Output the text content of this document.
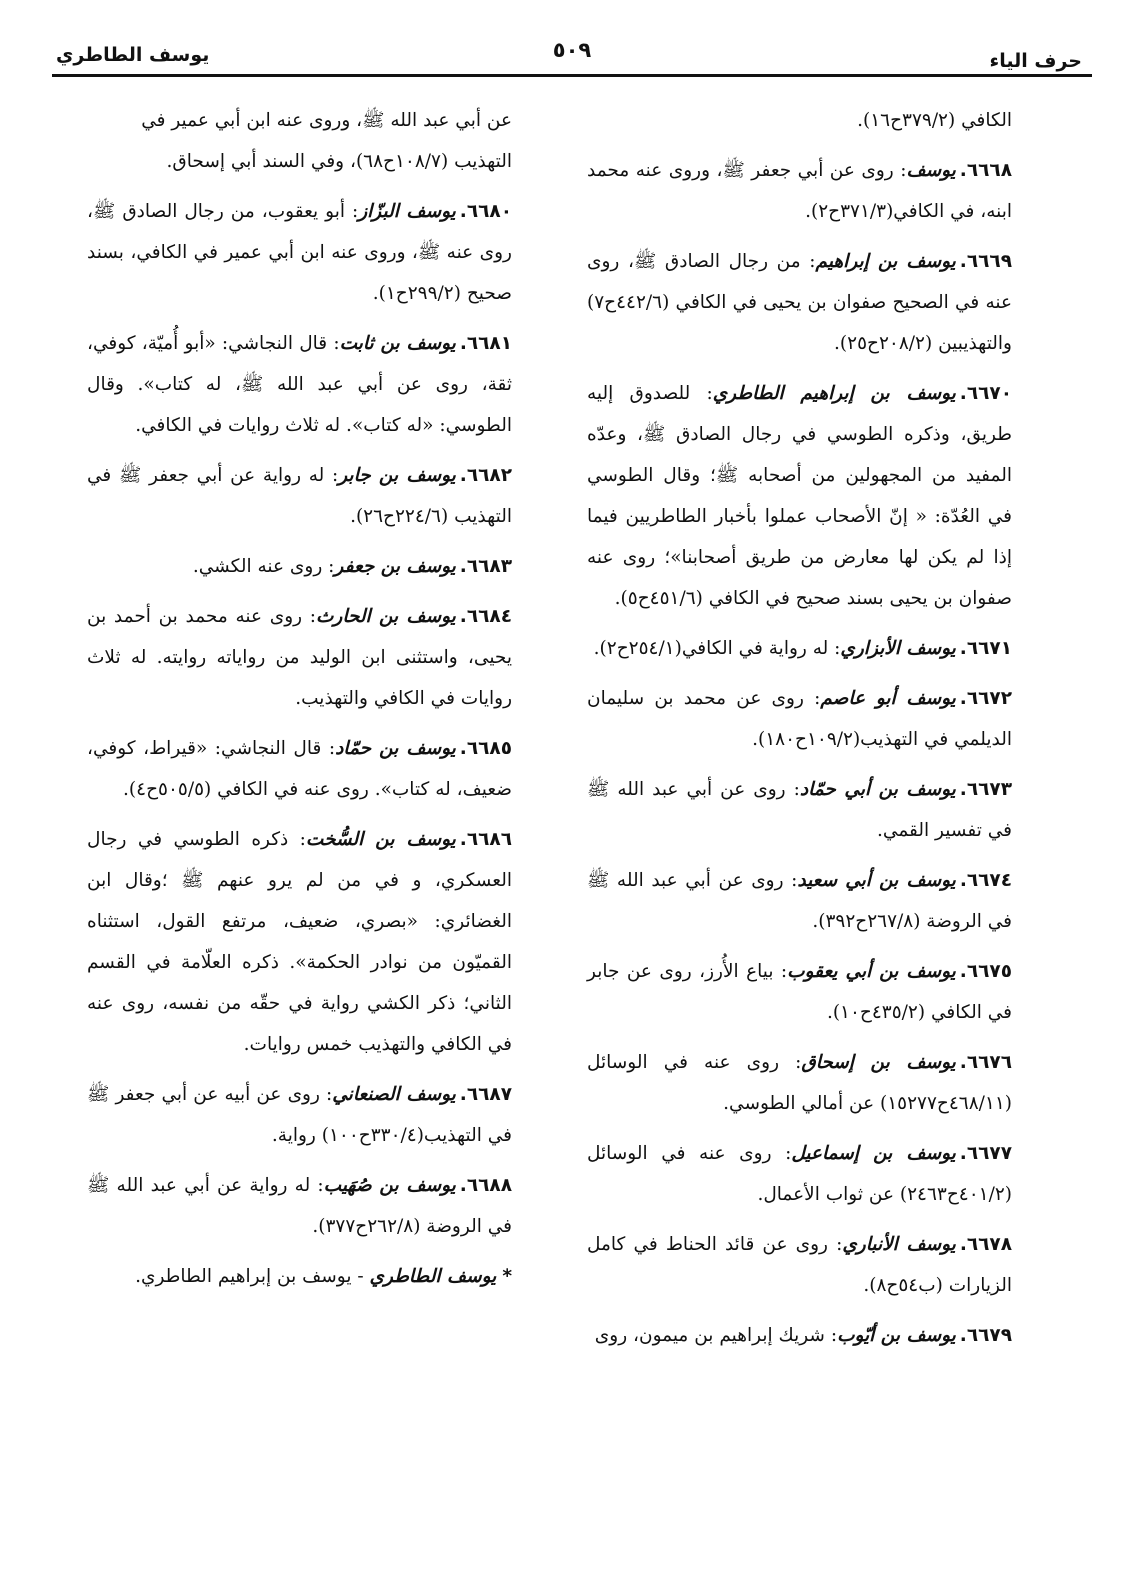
حرف الياء
٥٠٩
يوسف الطاطري

الكافي (٣٧٩/٢ح١٦).

٦٦٦٨.يوسف: روى عن أبي جعفر ﷺ، وروى عنه محمد ابنه، في الكافي(٣٧١/٣ح٢).

٦٦٦٩.يوسف بن إبراهيم: من رجال الصادق ﷺ، روى عنه في الصحيح صفوان بن يحيى في الكافي (٤٤٢/٦ح٧) والتهذيبين (٢٠٨/٢ح٢٥).

٦٦٧٠.يوسف بن إبراهيم الطاطري: للصدوق إليه طريق، وذكره الطوسي في رجال الصادق ﷺ، وعدّه المفيد من المجهولين من أصحابه ﷺ؛ وقال الطوسي في العُدّة: « إنّ الأصحاب عملوا بأخبار الطاطريين فيما إذا لم يكن لها معارض من طريق أصحابنا»؛ روى عنه صفوان بن يحيى بسند صحيح في الكافي (٤٥١/٦ح٥).

٦٦٧١.يوسف الأبزاري: له رواية في الكافي(٢٥٤/١ح٢).

٦٦٧٢.يوسف أبو عاصم: روى عن محمد بن سليمان الديلمي في التهذيب(١٠٩/٢ح١٨٠).

٦٦٧٣.يوسف بن أبي حمّاد: روى عن أبي عبد الله ﷺ في تفسير القمي.

٦٦٧٤.يوسف بن أبي سعيد: روى عن أبي عبد الله ﷺ في الروضة (٢٦٧/٨ح٣٩٢).

٦٦٧٥.يوسف بن أبي يعقوب: بياع الأُرز، روى عن جابر في الكافي (٤٣٥/٢ح١٠).

٦٦٧٦.يوسف بن إسحاق: روى عنه في الوسائل (٤٦٨/١١ح١٥٢٧٧) عن أمالي الطوسي.

٦٦٧٧.يوسف بن إسماعيل: روى عنه في الوسائل (٤٠١/٢ح٢٤٦٣) عن ثواب الأعمال.

٦٦٧٨.يوسف الأنباري: روى عن قائد الحناط في كامل الزيارات (ب٥٤ح٨).

٦٦٧٩.يوسف بن أيّوب: شريك إبراهيم بن ميمون، روى

عن أبي عبد الله ﷺ، وروى عنه ابن أبي عمير في التهذيب (١٠٨/٧ح٦٨)، وفي السند أبي إسحاق.

٦٦٨٠.يوسف البزّاز: أبو يعقوب، من رجال الصادق ﷺ، روى عنه ﷺ، وروى عنه ابن أبي عمير في الكافي، بسند صحيح (٢٩٩/٢ح١).

٦٦٨١.يوسف بن ثابت: قال النجاشي: «أبو أُميّة، كوفي، ثقة، روى عن أبي عبد الله ﷺ، له كتاب». وقال الطوسي: «له كتاب». له ثلاث روايات في الكافي.

٦٦٨٢.يوسف بن جابر: له رواية عن أبي جعفر ﷺ في التهذيب (٢٢٤/٦ح٢٦).

٦٦٨٣.يوسف بن جعفر: روى عنه الكشي.

٦٦٨٤.يوسف بن الحارث: روى عنه محمد بن أحمد بن يحيى، واستثنى ابن الوليد من رواياته روايته. له ثلاث روايات في الكافي والتهذيب.

٦٦٨٥.يوسف بن حمّاد: قال النجاشي: «قيراط، كوفي، ضعيف، له كتاب». روى عنه في الكافي (٥٠٥/٥ح٤).

٦٦٨٦.يوسف بن السُّخت: ذكره الطوسي في رجال العسكري، و في من لم يرو عنهم ﷺ ؛وقال ابن الغضائري: «بصري، ضعيف، مرتفع القول، استثناه القميّون من نوادر الحكمة». ذكره العلّامة في القسم الثاني؛ ذكر الكشي رواية في حقّه من نفسه، روى عنه في الكافي والتهذيب خمس روايات.

٦٦٨٧.يوسف الصنعاني: روى عن أبيه عن أبي جعفر ﷺ في التهذيب(٣٣٠/٤ح١٠٠) رواية.

٦٦٨٨.يوسف بن صُهَيب: له رواية عن أبي عبد الله ﷺ في الروضة (٢٦٢/٨ح٣٧٧).

*يوسف الطاطري - يوسف بن إبراهيم الطاطري.
